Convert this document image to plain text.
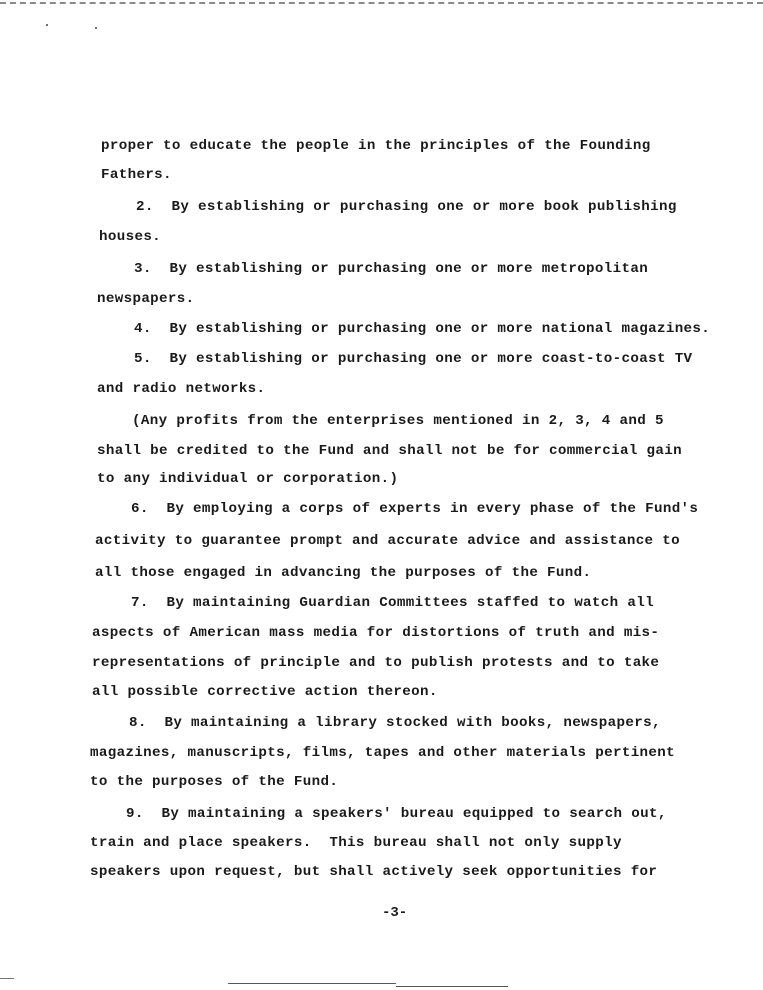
proper to educate the people in the principles of the Founding
Fathers.
2.  By establishing or purchasing one or more book publishing
houses.
3.  By establishing or purchasing one or more metropolitan
newspapers.
4.  By establishing or purchasing one or more national magazines.
5.  By establishing or purchasing one or more coast-to-coast TV
and radio networks.
(Any profits from the enterprises mentioned in 2, 3, 4 and 5
shall be credited to the Fund and shall not be for commercial gain
to any individual or corporation.)
6.  By employing a corps of experts in every phase of the Fund's
activity to guarantee prompt and accurate advice and assistance to
all those engaged in advancing the purposes of the Fund.
7.  By maintaining Guardian Committees staffed to watch all
aspects of American mass media for distortions of truth and mis-
representations of principle and to publish protests and to take
all possible corrective action thereon.
8.  By maintaining a library stocked with books, newspapers,
magazines, manuscripts, films, tapes and other materials pertinent
to the purposes of the Fund.
9.  By maintaining a speakers' bureau equipped to search out,
train and place speakers.  This bureau shall not only supply
speakers upon request, but shall actively seek opportunities for
-3-
